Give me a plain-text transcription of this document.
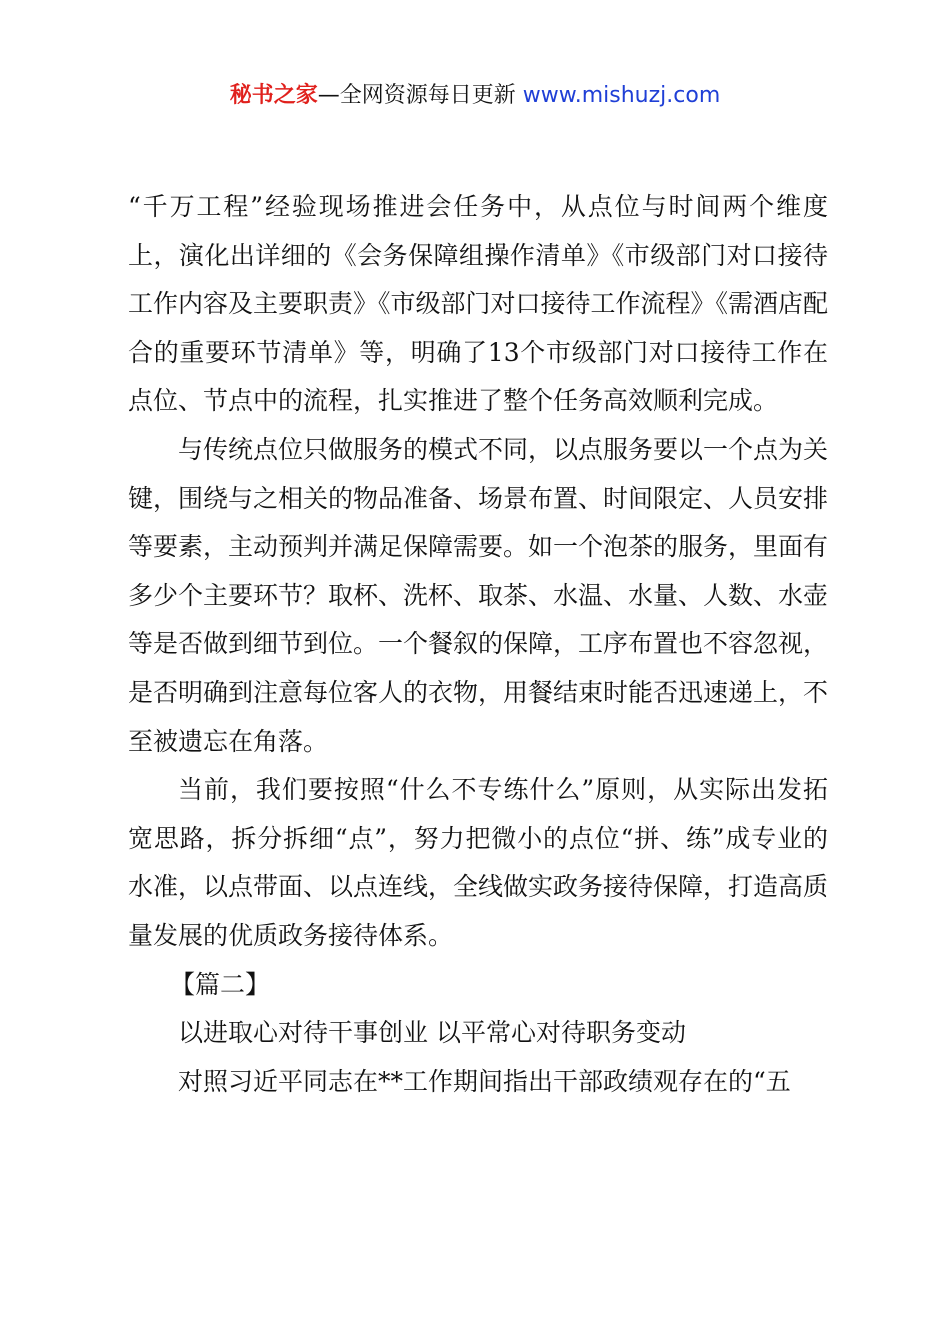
秘书之家—全网资源每日更新 www.mishuzj.com

“千万工程”经验现场推进会任务中，从点位与时间两个维度上，演化出详细的《会务保障组操作清单》《市级部门对口接待工作内容及主要职责》《市级部门对口接待工作流程》《需酒店配合的重要环节清单》等，明确了13个市级部门对口接待工作在点位、节点中的流程，扎实推进了整个任务高效顺利完成。

与传统点位只做服务的模式不同，以点服务要以一个点为关键，围绕与之相关的物品准备、场景布置、时间限定、人员安排等要素，主动预判并满足保障需要。如一个泡茶的服务，里面有多少个主要环节？取杯、洗杯、取茶、水温、水量、人数、水壶等是否做到细节到位。一个餐叙的保障，工序布置也不容忽视，是否明确到注意每位客人的衣物，用餐结束时能否迅速递上，不至被遗忘在角落。

当前，我们要按照“什么不专练什么”原则，从实际出发拓宽思路，拆分拆细“点”，努力把微小的点位“拼、练”成专业的水准，以点带面、以点连线，全线做实政务接待保障，打造高质量发展的优质政务接待体系。

【篇二】

以进取心对待干事创业 以平常心对待职务变动

对照习近平同志在**工作期间指出干部政绩观存在的“五
